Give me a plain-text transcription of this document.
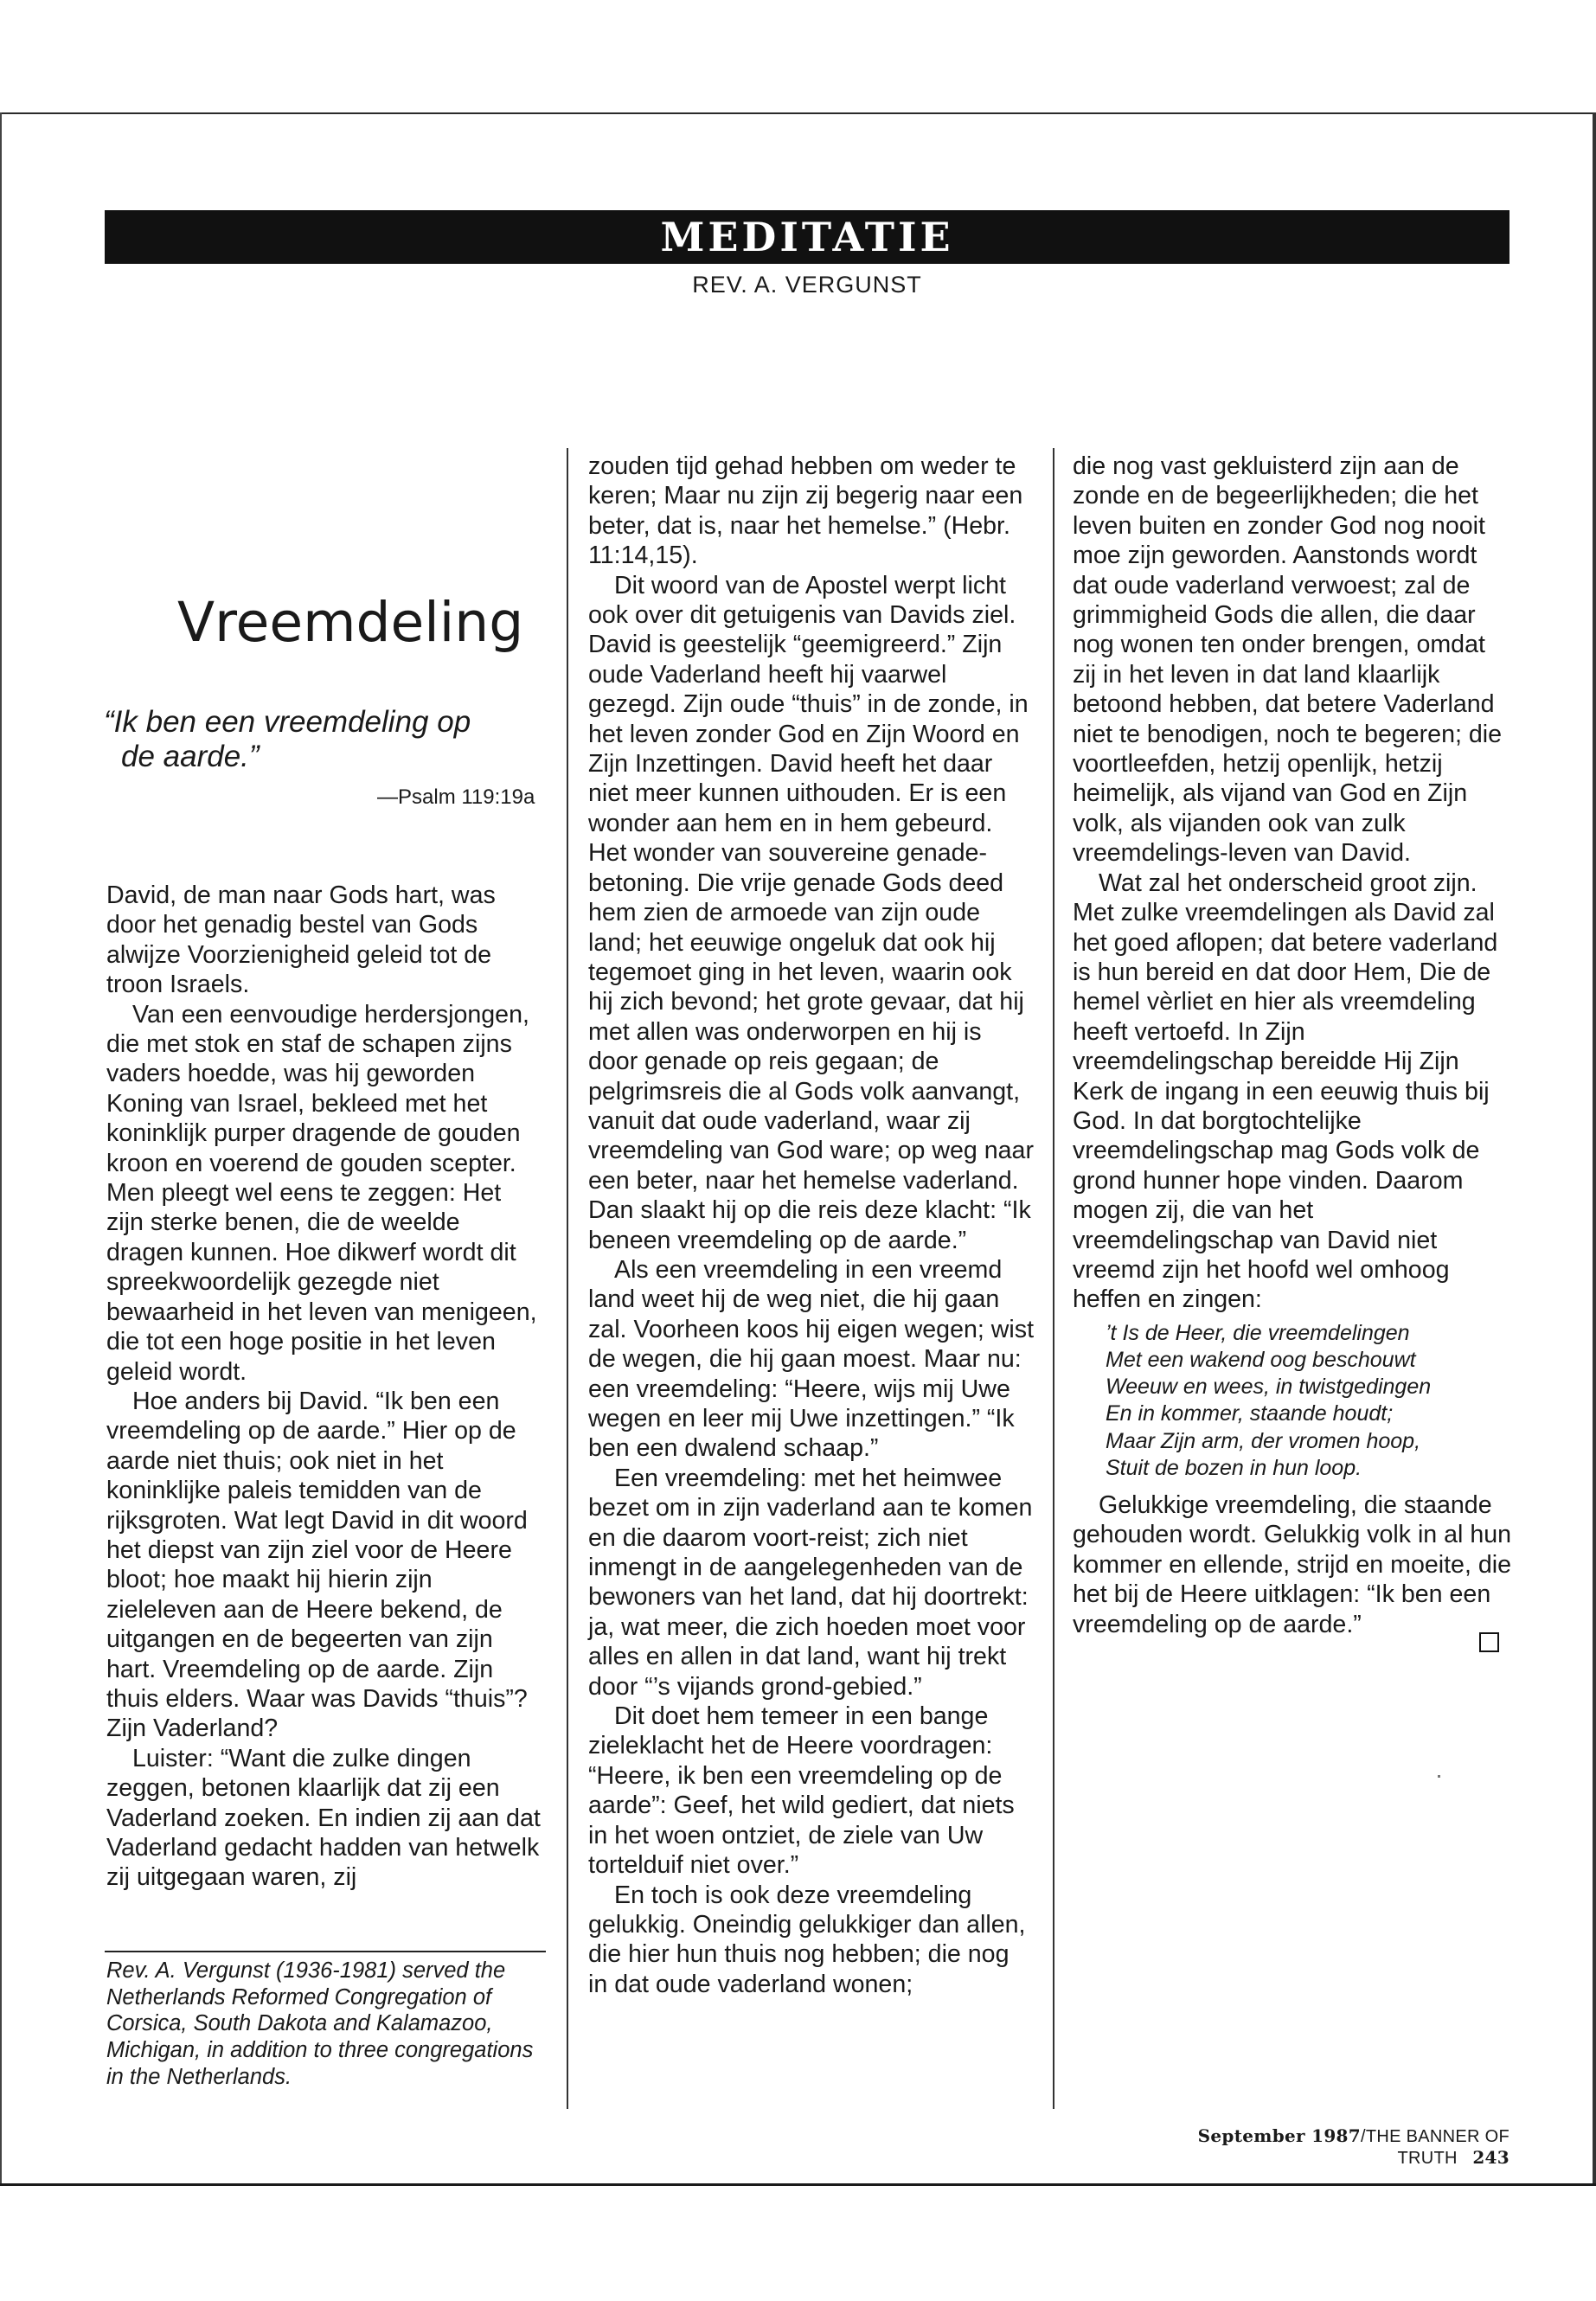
MEDITATIE
REV. A. VERGUNST
Vreemdeling

“Ik ben een vreemdeling op

de aarde.”

—Psalm 119:19a

David, de man naar Gods hart, was door het genadig bestel van Gods alwijze Voorzienigheid geleid tot de troon Israels.

Van een eenvoudige herdersjongen, die met stok en staf de schapen zijns vaders hoedde, was hij geworden Koning van Israel, bekleed met het koninklijk purper dragende de gouden kroon en voerend de gouden scepter. Men pleegt wel eens te zeggen: Het zijn sterke benen, die de weelde dragen kunnen. Hoe dikwerf wordt dit spreekwoordelijk gezegde niet bewaarheid in het leven van menigeen, die tot een hoge positie in het leven geleid wordt.

Hoe anders bij David. “Ik ben een vreemdeling op de aarde.” Hier op de aarde niet thuis; ook niet in het koninklijke paleis temidden van de rijksgroten. Wat legt David in dit woord het diepst van zijn ziel voor de Heere bloot; hoe maakt hij hierin zijn zieleleven aan de Heere bekend, de uitgangen en de begeerten van zijn hart. Vreemdeling op de aarde. Zijn thuis elders. Waar was Davids “thuis”? Zijn Vaderland?

Luister: “Want die zulke dingen zeggen, betonen klaarlijk dat zij een Vaderland zoeken. En indien zij aan dat Vaderland gedacht hadden van hetwelk zij uitgegaan waren, zij

Rev. A. Vergunst (1936-1981) served the Netherlands Reformed Congregation of Corsica, South Dakota and Kalamazoo, Michigan, in addition to three congregations in the Netherlands.

zouden tijd gehad hebben om weder te keren; Maar nu zijn zij begerig naar een beter, dat is, naar het hemelse.” (Hebr. 11:14,15).

Dit woord van de Apostel werpt licht ook over dit getuigenis van Davids ziel. David is geestelijk “geemigreerd.” Zijn oude Vaderland heeft hij vaarwel gezegd. Zijn oude “thuis” in de zonde, in het leven zonder God en Zijn Woord en Zijn Inzettingen. David heeft het daar niet meer kunnen uithouden. Er is een wonder aan hem en in hem gebeurd. Het wonder van souvereine genade-betoning. Die vrije genade Gods deed hem zien de armoede van zijn oude land; het eeuwige ongeluk dat ook hij tegemoet ging in het leven, waarin ook hij zich bevond; het grote gevaar, dat hij met allen was onderworpen en hij is door genade op reis gegaan; de pelgrimsreis die al Gods volk aanvangt, vanuit dat oude vaderland, waar zij vreemdeling van God ware; op weg naar een beter, naar het hemelse vaderland. Dan slaakt hij op die reis deze klacht: “Ik beneen vreemdeling op de aarde.”

Als een vreemdeling in een vreemd land weet hij de weg niet, die hij gaan zal. Voorheen koos hij eigen wegen; wist de wegen, die hij gaan moest. Maar nu: een vreemdeling: “Heere, wijs mij Uwe wegen en leer mij Uwe inzettingen.” “Ik ben een dwalend schaap.”

Een vreemdeling: met het heimwee bezet om in zijn vaderland aan te komen en die daarom voort-reist; zich niet inmengt in de aangelegenheden van de bewoners van het land, dat hij doortrekt: ja, wat meer, die zich hoeden moet voor alles en allen in dat land, want hij trekt door “’s vijands grond-gebied.”

Dit doet hem temeer in een bange zieleklacht het de Heere voordragen: “Heere, ik ben een vreemdeling op de aarde”: Geef, het wild gediert, dat niets in het woen ontziet, de ziele van Uw tortelduif niet over.”

En toch is ook deze vreemdeling gelukkig. Oneindig gelukkiger dan allen, die hier hun thuis nog hebben; die nog in dat oude vaderland wonen;

die nog vast gekluisterd zijn aan de zonde en de begeerlijkheden; die het leven buiten en zonder God nog nooit moe zijn geworden. Aanstonds wordt dat oude vaderland verwoest; zal de grimmigheid Gods die allen, die daar nog wonen ten onder brengen, omdat zij in het leven in dat land klaarlijk betoond hebben, dat betere Vaderland niet te benodigen, noch te begeren; die voortleefden, hetzij openlijk, hetzij heimelijk, als vijand van God en Zijn volk, als vijanden ook van zulk vreemdelings-leven van David.

Wat zal het onderscheid groot zijn. Met zulke vreemdelingen als David zal het goed aflopen; dat betere vaderland is hun bereid en dat door Hem, Die de hemel vèrliet en hier als vreemdeling heeft vertoefd. In Zijn vreemdelingschap bereidde Hij Zijn Kerk de ingang in een eeuwig thuis bij God. In dat borgtochtelijke vreemdelingschap mag Gods volk de grond hunner hope vinden. Daarom mogen zij, die van het vreemdelingschap van David niet vreemd zijn het hoofd wel omhoog heffen en zingen:

’t Is de Heer, die vreemdelingen
Met een wakend oog beschouwt
Weeuw en wees, in twistgedingen
En in kommer, staande houdt;
Maar Zijn arm, der vromen hoop,
Stuit de bozen in hun loop.

Gelukkige vreemdeling, die staande gehouden wordt. Gelukkig volk in al hun kommer en ellende, strijd en moeite, die het bij de Heere uitklagen: “Ik ben een vreemdeling op de aarde.”

September 1987/THE BANNER OF TRUTH 243
